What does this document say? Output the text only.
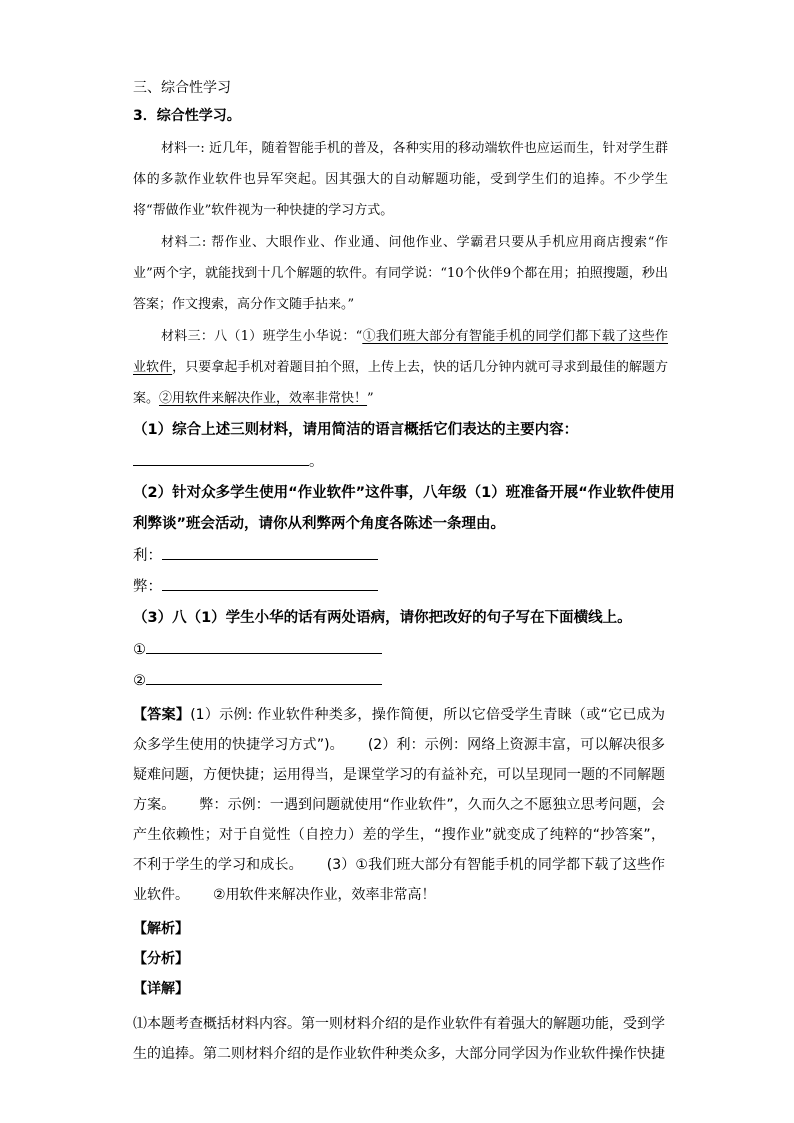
三、综合性学习
3．综合性学习。

材料一: 近几年，随着智能手机的普及，各种实用的移动端软件也应运而生，针对学生群体的多款作业软件也异军突起。因其强大的自动解题功能，受到学生们的追捧。不少学生将“帮做作业”软件视为一种快捷的学习方式。

材料二: 帮作业、大眼作业、作业通、问他作业、学霸君只要从手机应用商店搜索“作业”两个字，就能找到十几个解题的软件。有同学说：“10个伙伴9个都在用；拍照搜题，秒出答案；作文搜索，高分作文随手拈来。”

材料三：八（1）班学生小华说：“①我们班大部分有智能手机的同学们都下载了这些作业软件，只要拿起手机对着题目拍个照，上传上去，快的话几分钟内就可寻求到最佳的解题方案。②用软件来解决作业，效率非常快！”

（1）综合上述三则材料，请用简洁的语言概括它们表达的主要内容：
。
（2）针对众多学生使用“作业软件”这件事，八年级（1）班准备开展“作业软件使用
利弊谈”班会活动，请你从利弊两个角度各陈述一条理由。
利：
弊：
（3）八（1）学生小华的话有两处语病，请你把改好的句子写在下面横线上。
①
②
【答案】(1）示例: 作业软件种类多，操作简便，所以它倍受学生青睐（或“它已成为众多学生使用的快捷学习方式”)。 (2）利：示例：网络上资源丰富，可以解决很多疑难问题，方便快捷；运用得当，是课堂学习的有益补充，可以呈现同一题的不同解题方案。 弊：示例：一遇到问题就使用“作业软件”，久而久之不愿独立思考问题，会产生依赖性；对于自觉性（自控力）差的学生，“搜作业”就变成了纯粹的“抄答案”，不利于学生的学习和成长。 (3）①我们班大部分有智能手机的同学都下载了这些作业软件。 ②用软件来解决作业，效率非常高！
【解析】
【分析】
【详解】
⑴本题考查概括材料内容。第一则材料介绍的是作业软件有着强大的解题功能，受到学生的追捧。第二则材料介绍的是作业软件种类众多，大部分同学因为作业软件操作快捷
